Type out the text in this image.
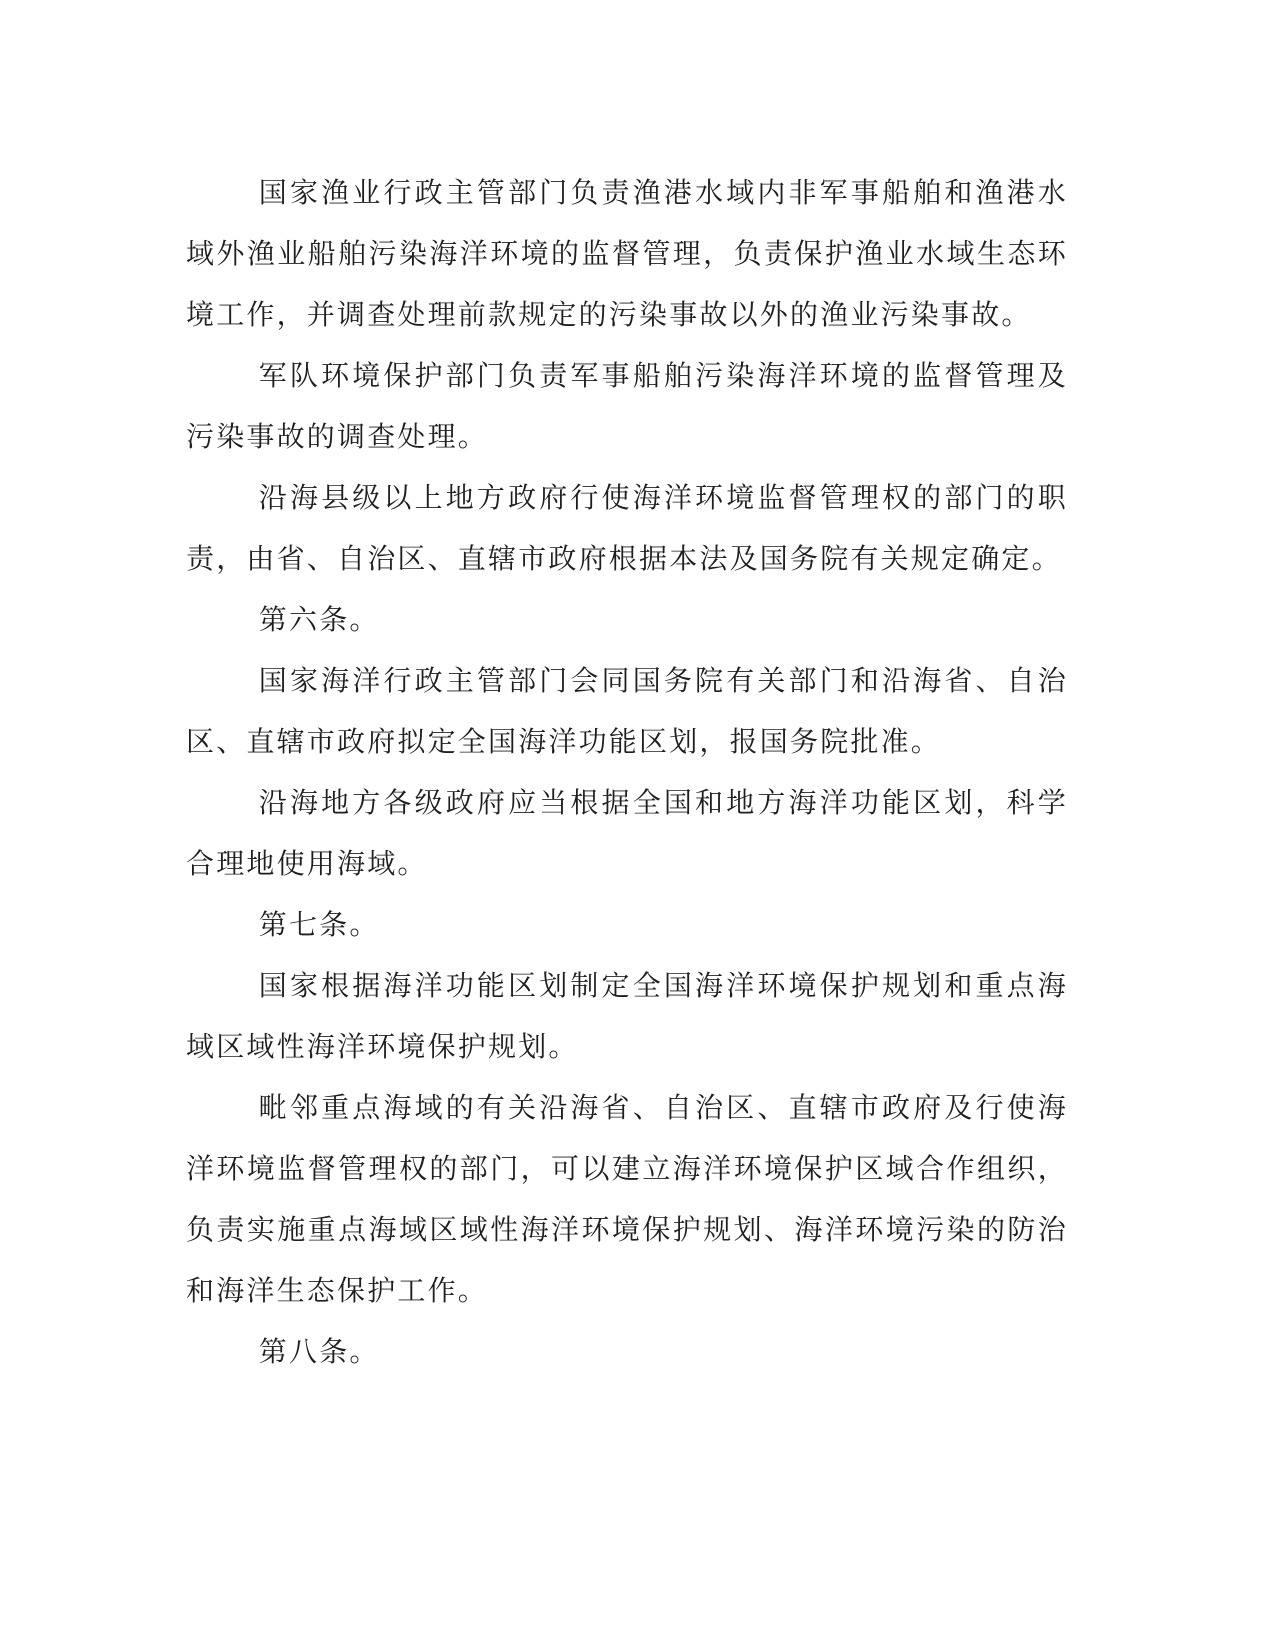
国家渔业行政主管部门负责渔港水域内非军事船舶和渔港水域外渔业船舶污染海洋环境的监督管理，负责保护渔业水域生态环境工作，并调查处理前款规定的污染事故以外的渔业污染事故。

军队环境保护部门负责军事船舶污染海洋环境的监督管理及污染事故的调查处理。

沿海县级以上地方政府行使海洋环境监督管理权的部门的职责，由省、自治区、直辖市政府根据本法及国务院有关规定确定。

第六条。

国家海洋行政主管部门会同国务院有关部门和沿海省、自治区、直辖市政府拟定全国海洋功能区划，报国务院批准。

沿海地方各级政府应当根据全国和地方海洋功能区划，科学合理地使用海域。

第七条。

国家根据海洋功能区划制定全国海洋环境保护规划和重点海域区域性海洋环境保护规划。

毗邻重点海域的有关沿海省、自治区、直辖市政府及行使海洋环境监督管理权的部门，可以建立海洋环境保护区域合作组织，负责实施重点海域区域性海洋环境保护规划、海洋环境污染的防治和海洋生态保护工作。

第八条。
